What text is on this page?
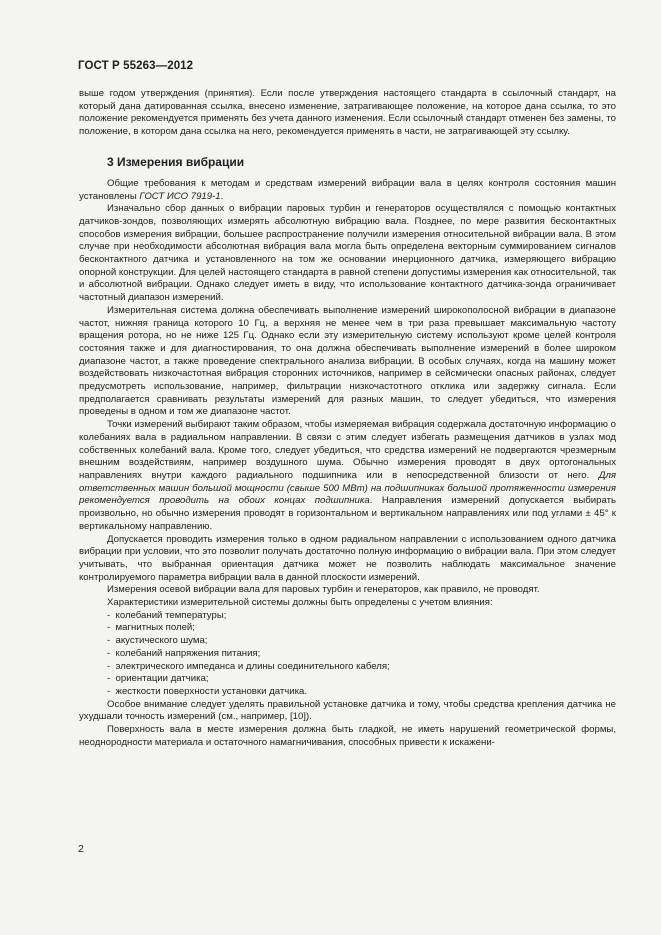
ГОСТ Р 55263—2012

выше годом утверждения (принятия). Если после утверждения настоящего стандарта в ссылочный стандарт, на который дана датированная ссылка, внесено изменение, затрагивающее положение, на которое дана ссылка, то это положение рекомендуется применять без учета данного изменения. Если ссылочный стандарт отменен без замены, то положение, в котором дана ссылка на него, рекомендуется применять в части, не затрагивающей эту ссылку.

3 Измерения вибрации

Общие требования к методам и средствам измерений вибрации вала в целях контроля состояния машин установлены ГОСТ ИСО 7919-1.

Изначально сбор данных о вибрации паровых турбин и генераторов осуществлялся с помощью контактных датчиков-зондов, позволяющих измерять абсолютную вибрацию вала. Позднее, по мере развития бесконтактных способов измерения вибрации, большее распространение получили измерения относительной вибрации вала. В этом случае при необходимости абсолютная вибрация вала могла быть определена векторным суммированием сигналов бесконтактного датчика и установленного на том же основании инерционного датчика, измеряющего вибрацию опорной конструкции. Для целей настоящего стандарта в равной степени допустимы измерения как относительной, так и абсолютной вибрации. Однако следует иметь в виду, что использование контактного датчика-зонда ограничивает частотный диапазон измерений.

Измерительная система должна обеспечивать выполнение измерений широкополосной вибрации в диапазоне частот, нижняя граница которого 10 Гц, а верхняя не менее чем в три раза превышает максимальную частоту вращения ротора, но не ниже 125 Гц. Однако если эту измерительную систему используют кроме целей контроля состояния также и для диагностирования, то она должна обеспечивать выполнение измерений в более широком диапазоне частот, а также проведение спектрального анализа вибрации. В особых случаях, когда на машину может воздействовать низкочастотная вибрация сторонних источников, например в сейсмически опасных районах, следует предусмотреть использование, например, фильтрации низкочастотного отклика или задержку сигнала. Если предполагается сравнивать результаты измерений для разных машин, то следует убедиться, что измерения проведены в одном и том же диапазоне частот.

Точки измерений выбирают таким образом, чтобы измеряемая вибрация содержала достаточную информацию о колебаниях вала в радиальном направлении. В связи с этим следует избегать размещения датчиков в узлах мод собственных колебаний вала. Кроме того, следует убедиться, что средства измерений не подвергаются чрезмерным внешним воздействиям, например воздушного шума. Обычно измерения проводят в двух ортогональных направлениях внутри каждого радиального подшипника или в непосредственной близости от него. Для ответственных машин большой мощности (свыше 500 МВт) на подшипниках большой протяженности измерения рекомендуется проводить на обоих концах подшипника. Направления измерений допускается выбирать произвольно, но обычно измерения проводят в горизонтальном и вертикальном направлениях или под углами ± 45° к вертикальному направлению.

Допускается проводить измерения только в одном радиальном направлении с использованием одного датчика вибрации при условии, что это позволит получать достаточно полную информацию о вибрации вала. При этом следует учитывать, что выбранная ориентация датчика может не позволить наблюдать максимальное значение контролируемого параметра вибрации вала в данной плоскости измерений.

Измерения осевой вибрации вала для паровых турбин и генераторов, как правило, не проводят.

Характеристики измерительной системы должны быть определены с учетом влияния:

-  колебаний температуры;
-  магнитных полей;
-  акустического шума;
-  колебаний напряжения питания;
-  электрического импеданса и длины соединительного кабеля;
-  ориентации датчика;
-  жесткости поверхности установки датчика.

Особое внимание следует уделять правильной установке датчика и тому, чтобы средства крепления датчика не ухудшали точность измерений (см., например, [10]).

Поверхность вала в месте измерения должна быть гладкой, не иметь нарушений геометрической формы, неоднородности материала и остаточного намагничивания, способных привести к искажени-

2
